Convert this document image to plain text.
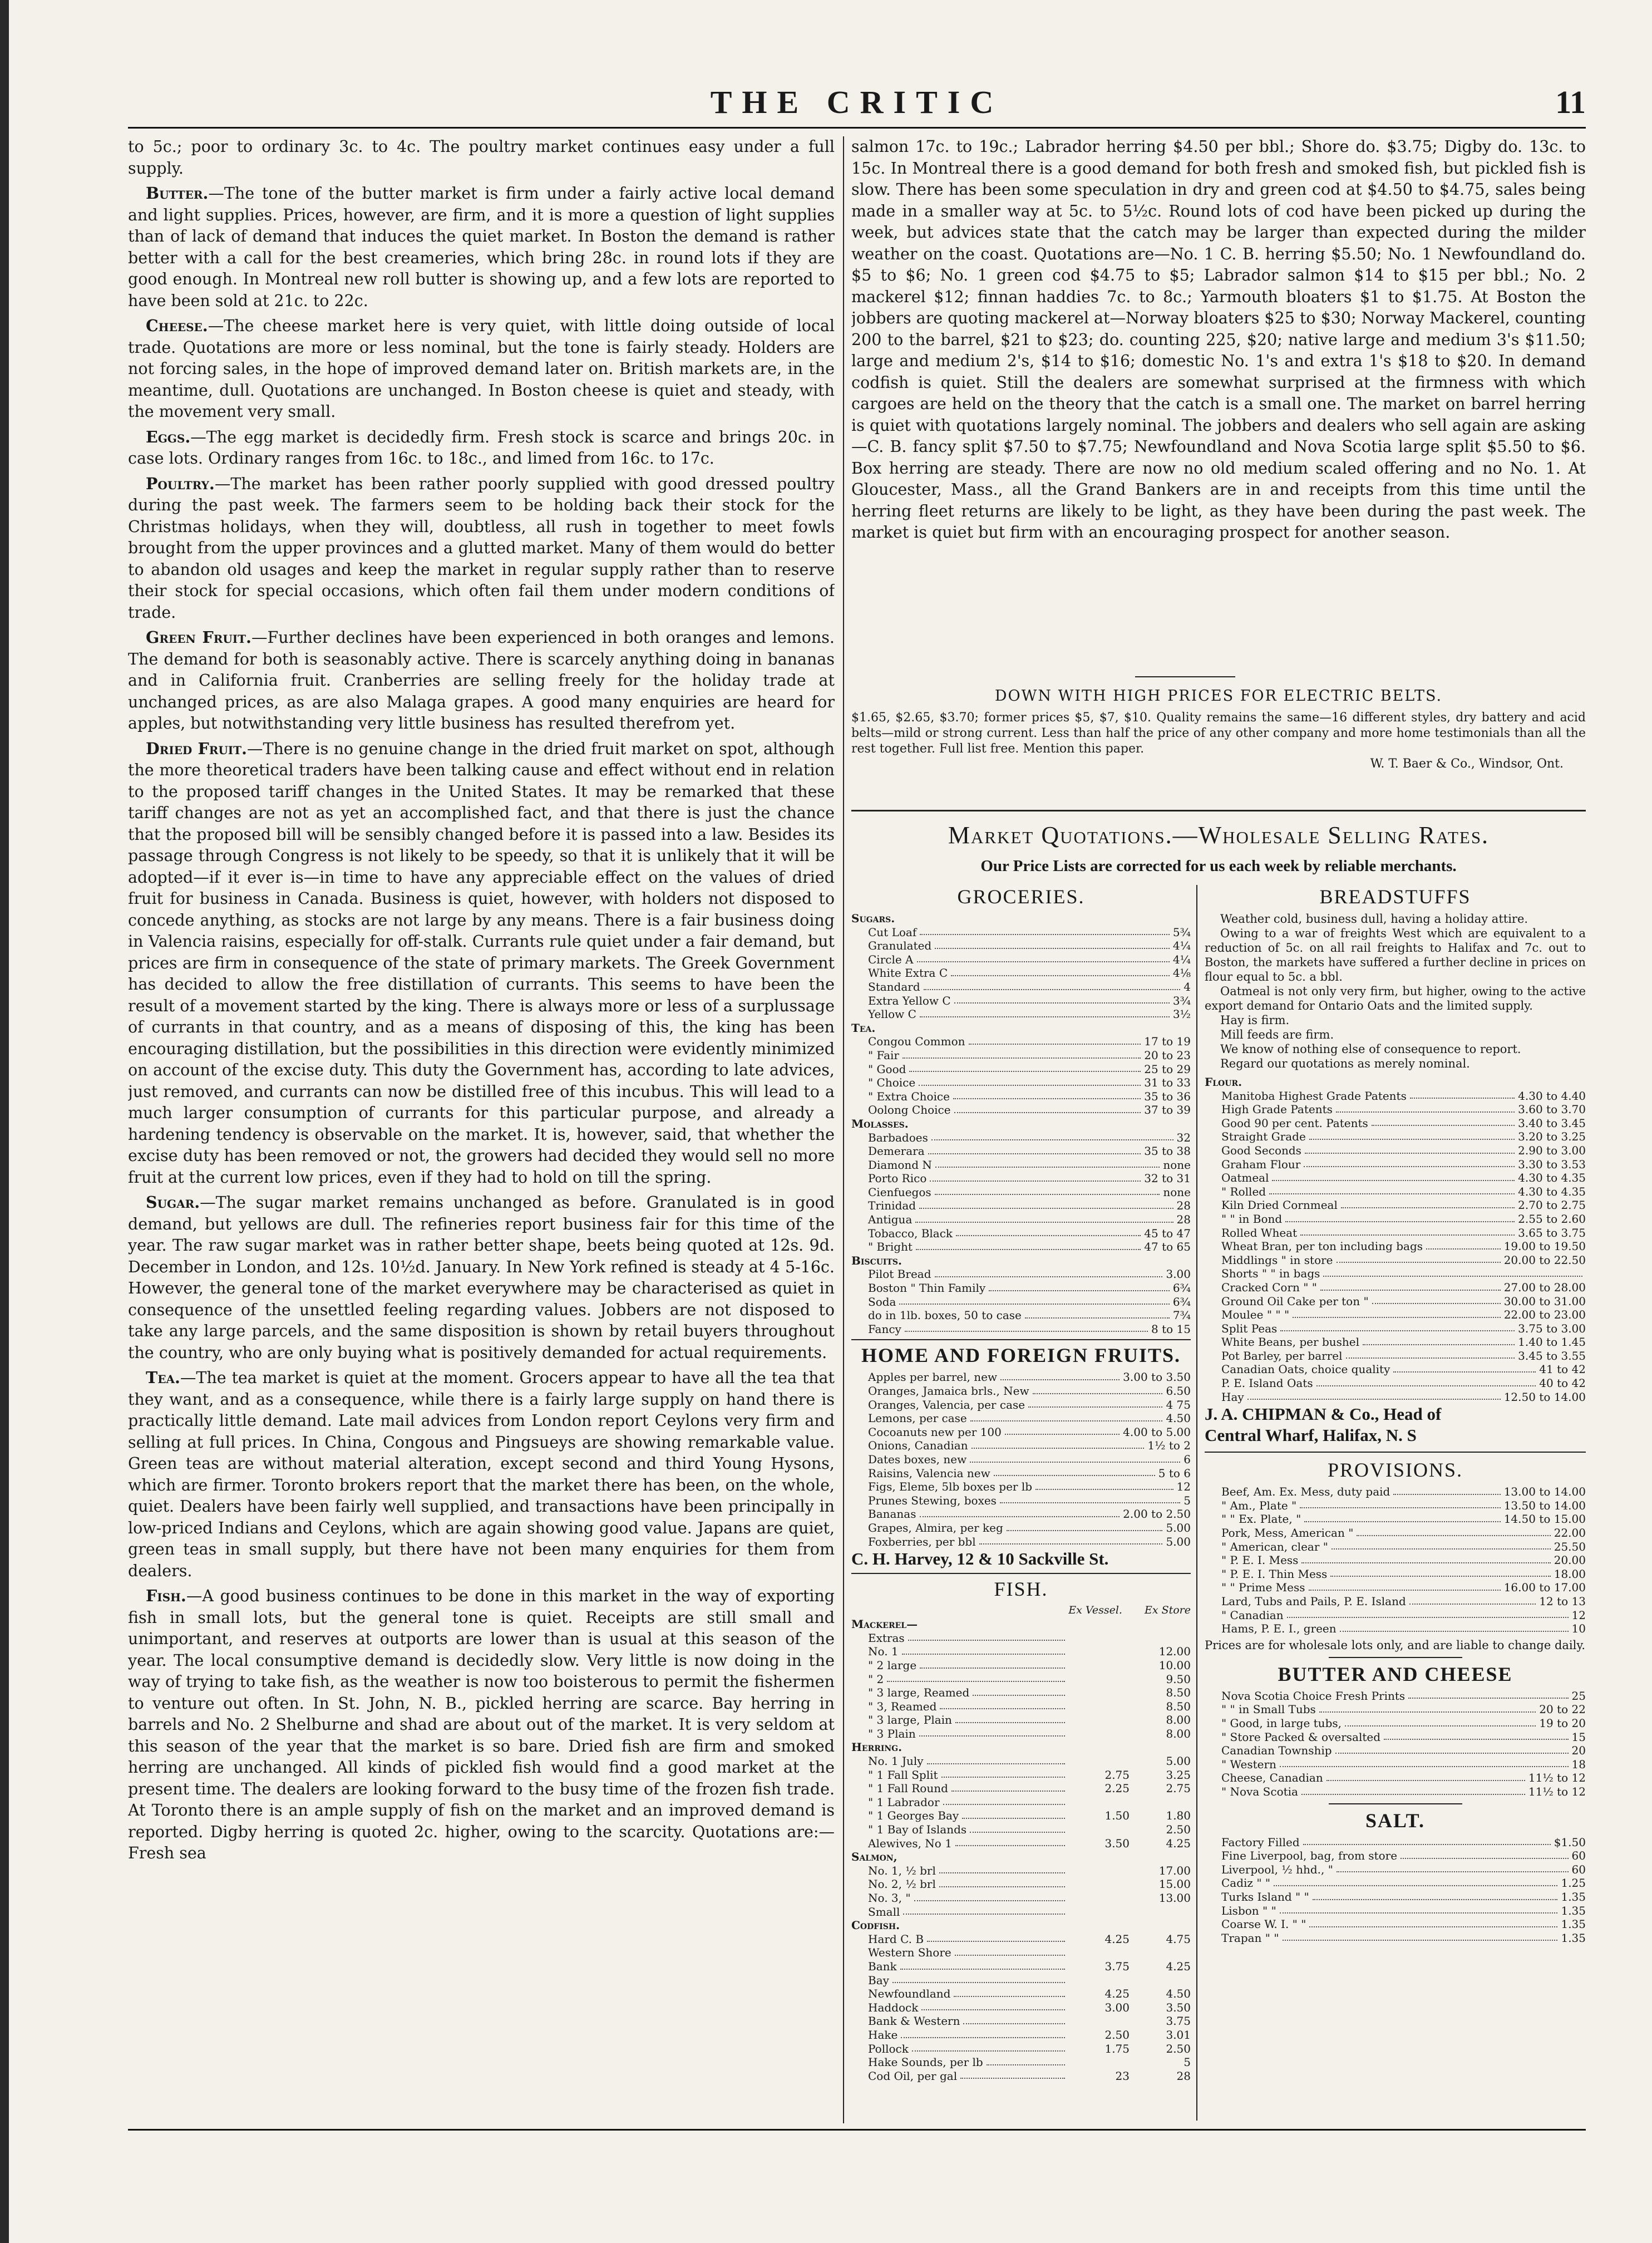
THE CRITIC	11

to 5c.; poor to ordinary 3c. to 4c. The poultry market continues easy under a full supply.

Butter.—The tone of the butter market is firm under a fairly active local demand and light supplies. Prices, however, are firm, and it is more a question of light supplies than of lack of demand that induces the quiet market. In Boston the demand is rather better with a call for the best creameries, which bring 28c. in round lots if they are good enough. In Montreal new roll butter is showing up, and a few lots are reported to have been sold at 21c. to 22c.

Cheese.—The cheese market here is very quiet, with little doing outside of local trade. Quotations are more or less nominal, but the tone is fairly steady. Holders are not forcing sales, in the hope of improved demand later on. British markets are, in the meantime, dull. Quotations are unchanged. In Boston cheese is quiet and steady, with the movement very small.

Eggs.—The egg market is decidedly firm. Fresh stock is scarce and brings 20c. in case lots. Ordinary ranges from 16c. to 18c., and limed from 16c. to 17c.

Poultry.—The market has been rather poorly supplied with good dressed poultry during the past week. The farmers seem to be holding back their stock for the Christmas holidays, when they will, doubtless, all rush in together to meet fowls brought from the upper provinces and a glutted market. Many of them would do better to abandon old usages and keep the market in regular supply rather than to reserve their stock for special occasions, which often fail them under modern conditions of trade.

Green Fruit.—Further declines have been experienced in both oranges and lemons. The demand for both is seasonably active. There is scarcely anything doing in bananas and in California fruit. Cranberries are selling freely for the holiday trade at unchanged prices, as are also Malaga grapes. A good many enquiries are heard for apples, but notwithstanding very little business has resulted therefrom yet.

Dried Fruit.—There is no genuine change in the dried fruit market on spot, although the more theoretical traders have been talking cause and effect without end in relation to the proposed tariff changes in the United States. It may be remarked that these tariff changes are not as yet an accomplished fact, and that there is just the chance that the proposed bill will be sensibly changed before it is passed into a law. Besides its passage through Congress is not likely to be speedy, so that it is unlikely that it will be adopted—if it ever is—in time to have any appreciable effect on the values of dried fruit for business in Canada. Business is quiet, however, with holders not disposed to concede anything, as stocks are not large by any means. There is a fair business doing in Valencia raisins, especially for off-stalk. Currants rule quiet under a fair demand, but prices are firm in consequence of the state of primary markets. The Greek Government has decided to allow the free distillation of currants. This seems to have been the result of a movement started by the king. There is always more or less of a surplussage of currants in that country, and as a means of disposing of this, the king has been encouraging distillation, but the possibilities in this direction were evidently minimized on account of the excise duty. This duty the Government has, according to late advices, just removed, and currants can now be distilled free of this incubus. This will lead to a much larger consumption of currants for this particular purpose, and already a hardening tendency is observable on the market. It is, however, said, that whether the excise duty has been removed or not, the growers had decided they would sell no more fruit at the current low prices, even if they had to hold on till the spring.

Sugar.—The sugar market remains unchanged as before. Granulated is in good demand, but yellows are dull. The refineries report business fair for this time of the year. The raw sugar market was in rather better shape, beets being quoted at 12s. 9d. December in London, and 12s. 10½d. January. In New York refined is steady at 4 5-16c. However, the general tone of the market everywhere may be characterised as quiet in consequence of the unsettled feeling regarding values. Jobbers are not disposed to take any large parcels, and the same disposition is shown by retail buyers throughout the country, who are only buying what is positively demanded for actual requirements.

Tea.—The tea market is quiet at the moment. Grocers appear to have all the tea that they want, and as a consequence, while there is a fairly large supply on hand there is practically little demand. Late mail advices from London report Ceylons very firm and selling at full prices. In China, Congous and Pingsueys are showing remarkable value. Green teas are without material alteration, except second and third Young Hysons, which are firmer. Toronto brokers report that the market there has been, on the whole, quiet. Dealers have been fairly well supplied, and transactions have been principally in low-priced Indians and Ceylons, which are again showing good value. Japans are quiet, green teas in small supply, but there have not been many enquiries for them from dealers.

Fish.—A good business continues to be done in this market in the way of exporting fish in small lots, but the general tone is quiet. Receipts are still small and unimportant, and reserves at outports are lower than is usual at this season of the year. The local consumptive demand is decidedly slow. Very little is now doing in the way of trying to take fish, as the weather is now too boisterous to permit the fishermen to venture out often. In St. John, N. B., pickled herring are scarce. Bay herring in barrels and No. 2 Shelburne and shad are about out of the market. It is very seldom at this season of the year that the market is so bare. Dried fish are firm and smoked herring are unchanged. All kinds of pickled fish would find a good market at the present time. The dealers are looking forward to the busy time of the frozen fish trade. At Toronto there is an ample supply of fish on the market and an improved demand is reported. Digby herring is quoted 2c. higher, owing to the scarcity. Quotations are:—Fresh sea

salmon 17c. to 19c.; Labrador herring $4.50 per bbl.; Shore do. $3.75; Digby do. 13c. to 15c. In Montreal there is a good demand for both fresh and smoked fish, but pickled fish is slow. There has been some speculation in dry and green cod at $4.50 to $4.75, sales being made in a smaller way at 5c. to 5½c. Round lots of cod have been picked up during the week, but advices state that the catch may be larger than expected during the milder weather on the coast. Quotations are—No. 1 C. B. herring $5.50; No. 1 Newfoundland do. $5 to $6; No. 1 green cod $4.75 to $5; Labrador salmon $14 to $15 per bbl.; No. 2 mackerel $12; finnan haddies 7c. to 8c.; Yarmouth bloaters $1 to $1.75. At Boston the jobbers are quoting mackerel at—Norway bloaters $25 to $30; Norway Mackerel, counting 200 to the barrel, $21 to $23; do. counting 225, $20; native large and medium 3's $11.50; large and medium 2's, $14 to $16; domestic No. 1's and extra 1's $18 to $20. In demand codfish is quiet. Still the dealers are somewhat surprised at the firmness with which cargoes are held on the theory that the catch is a small one. The market on barrel herring is quiet with quotations largely nominal. The jobbers and dealers who sell again are asking—C. B. fancy split $7.50 to $7.75; Newfoundland and Nova Scotia large split $5.50 to $6. Box herring are steady. There are now no old medium scaled offering and no No. 1. At Gloucester, Mass., all the Grand Bankers are in and receipts from this time until the herring fleet returns are likely to be light, as they have been during the past week. The market is quiet but firm with an encouraging prospect for another season.

DOWN WITH HIGH PRICES FOR ELECTRIC BELTS.
$1.65, $2.65, $3.70; former prices $5, $7, $10. Quality remains the same—16 different styles, dry battery and acid belts—mild or strong current. Less than half the price of any other company and more home testimonials than all the rest together. Full list free. Mention this paper.
W. T. Baer & Co., Windsor, Ont.
Market Quotations.—Wholesale Selling Rates.
Our Price Lists are corrected for us each week by reliable merchants.
GROCERIES.
Sugars.
Cut Loaf	5¾
Granulated	4¼
Circle A	4¼
White Extra C	4⅛
Standard	4
Extra Yellow C	3¾
Yellow C	3½
Tea.
Congou Common	17 to 19
" Fair	20 to 23
" Good	25 to 29
" Choice	31 to 33
" Extra Choice	35 to 36
Oolong Choice	37 to 39
Molasses.
Barbadoes	32
Demerara	35 to 38
Diamond N	none
Porto Rico	32 to 31
Cienfuegos	none
Trinidad	28
Antigua	28
Tobacco, Black	45 to 47
" Bright	47 to 65
Biscuits.
Pilot Bread	3.00
Boston " Thin Family	6¾
Soda	6¾
do in 1lb. boxes, 50 to case	7¾
Fancy	8 to 15
HOME AND FOREIGN FRUITS.
Apples per barrel, new	3.00 to 3.50
Oranges, Jamaica brls., New	6.50
Oranges, Valencia, per case	4 75
Lemons, per case	4.50
Cocoanuts new per 100	4.00 to 5.00
Onions, Canadian	1½ to 2
Dates boxes, new	6
Raisins, Valencia new	5 to 6
Figs, Eleme, 5lb boxes per lb	12
Prunes Stewing, boxes	5
Bananas	2.00 to 2.50
Grapes, Almira, per keg	5.00
Foxberries, per bbl	5.00
C. H. Harvey, 12 & 10 Sackville St.
FISH.
Ex Vessel. Ex Store
Mackerel—
Extras
No. 1	12.00
" 2 large	10.00
" 2	9.50
" 3 large, Reamed	8.50
" 3, Reamed	8.50
" 3 large, Plain	8.00
" 3 Plain	8.00
Herring.
No. 1 July	5.00
" 1 Fall Split	2.75	3.25
" 1 Fall Round	2.25	2.75
" 1 Labrador
" 1 Georges Bay	1.50	1.80
" 1 Bay of Islands	2.50
Alewives, No 1	3.50	4.25
Salmon,
No. 1, ½ brl	17.00
No. 2, ½ brl	15.00
No. 3, "	13.00
Small
Codfish.
Hard C. B	4.25	4.75
Western Shore
Bank	3.75	4.25
Bay
Newfoundland	4.25	4.50
Haddock	3.00	3.50
Bank & Western	3.75
Hake	2.50	3.01
Pollock	1.75	2.50
Hake Sounds, per lb	5
Cod Oil, per gal	23	28
BREADSTUFFS

Weather cold, business dull, having a holiday attire.

Owing to a war of freights West which are equivalent to a reduction of 5c. on all rail freights to Halifax and 7c. out to Boston, the markets have suffered a further decline in prices on flour equal to 5c. a bbl.

Oatmeal is not only very firm, but higher, owing to the active export demand for Ontario Oats and the limited supply.

Hay is firm.

Mill feeds are firm.

We know of nothing else of consequence to report.

Regard our quotations as merely nominal.

Flour.
Manitoba Highest Grade Patents	4.30 to 4.40
High Grade Patents	3.60 to 3.70
Good 90 per cent. Patents	3.40 to 3.45
Straight Grade	3.20 to 3.25
Good Seconds	2.90 to 3.00
Graham Flour	3.30 to 3.53
Oatmeal	4.30 to 4.35
" Rolled	4.30 to 4.35
Kiln Dried Cornmeal	2.70 to 2.75
" " in Bond	2.55 to 2.60
Rolled Wheat	3.65 to 3.75
Wheat Bran, per ton including bags	19.00 to 19.50
Middlings " in store	20.00 to 22.50
Shorts " " in bags
Cracked Corn " "	27.00 to 28.00
Ground Oil Cake per ton "	30.00 to 31.00
Moulee " " "	22.00 to 23.00
Split Peas	3.75 to 3.00
White Beans, per bushel	1.40 to 1.45
Pot Barley, per barrel	3.45 to 3.55
Canadian Oats, choice quality	41 to 42
P. E. Island Oats	40 to 42
Hay	12.50 to 14.00
J. A. CHIPMAN & Co., Head of
Central Wharf, Halifax, N. S
PROVISIONS.
Beef, Am. Ex. Mess, duty paid	13.00 to 14.00
" Am., Plate "	13.50 to 14.00
" " Ex. Plate, "	14.50 to 15.00
Pork, Mess, American "	22.00
" American, clear "	25.50
" P. E. I. Mess	20.00
" P. E. I. Thin Mess	18.00
" " Prime Mess	16.00 to 17.00
Lard, Tubs and Pails, P. E. Island	12 to 13
" Canadian	12
Hams, P. E. I., green	10
Prices are for wholesale lots only, and are liable to change daily.
BUTTER AND CHEESE
Nova Scotia Choice Fresh Prints	25
" " in Small Tubs	20 to 22
" Good, in large tubs,	19 to 20
" Store Packed & oversalted	15
Canadian Township	20
" Western	18
Cheese, Canadian	11½ to 12
" Nova Scotia	11½ to 12
SALT.
Factory Filled	$1.50
Fine Liverpool, bag, from store	60
Liverpool, ½ hhd., "	60
Cadiz " "	1.25
Turks Island " "	1.35
Lisbon " "	1.35
Coarse W. I. " "	1.35
Trapan " "	1.35
